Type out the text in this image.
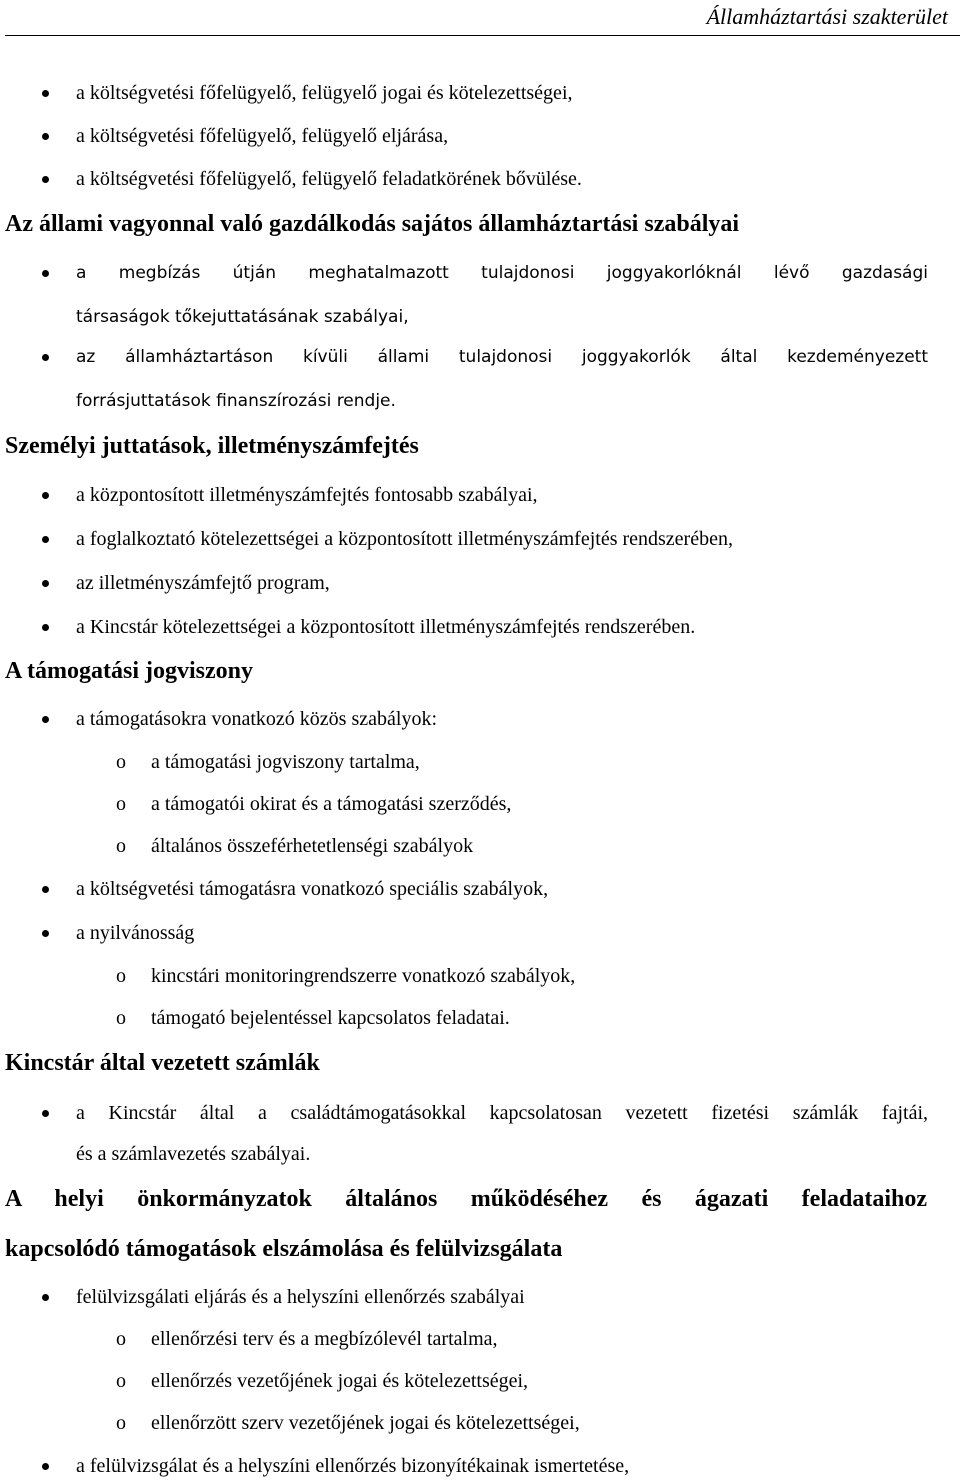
Államháztartási szakterület
a költségvetési főfelügyelő, felügyelő jogai és kötelezettségei,
a költségvetési főfelügyelő, felügyelő eljárása,
a költségvetési főfelügyelő, felügyelő feladatkörének bővülése.
Az állami vagyonnal való gazdálkodás sajátos államháztartási szabályai
a megbízás útján meghatalmazott tulajdonosi joggyakorlóknál lévő gazdasági
társaságok tőkejuttatásának szabályai,
az államháztartáson kívüli állami tulajdonosi joggyakorlók által kezdeményezett
forrásjuttatások finanszírozási rendje.
Személyi juttatások, illetményszámfejtés
a központosított illetményszámfejtés fontosabb szabályai,
a foglalkoztató kötelezettségei a központosított illetményszámfejtés rendszerében,
az illetményszámfejtő program,
a Kincstár kötelezettségei a központosított illetményszámfejtés rendszerében.
A támogatási jogviszony
a támogatásokra vonatkozó közös szabályok:
o a támogatási jogviszony tartalma,
o a támogatói okirat és a támogatási szerződés,
o általános összeférhetetlenségi szabályok
a költségvetési támogatásra vonatkozó speciális szabályok,
a nyilvánosság
o kincstári monitoringrendszerre vonatkozó szabályok,
o támogató bejelentéssel kapcsolatos feladatai.
Kincstár által vezetett számlák
a Kincstár által a családtámogatásokkal kapcsolatosan vezetett fizetési számlák fajtái,
és a számlavezetés szabályai.
A helyi önkormányzatok általános működéséhez és ágazati feladataihoz
kapcsolódó támogatások elszámolása és felülvizsgálata
felülvizsgálati eljárás és a helyszíni ellenőrzés szabályai
o ellenőrzési terv és a megbízólevél tartalma,
o ellenőrzés vezetőjének jogai és kötelezettségei,
o ellenőrzött szerv vezetőjének jogai és kötelezettségei,
a felülvizsgálat és a helyszíni ellenőrzés bizonyítékainak ismertetése,
